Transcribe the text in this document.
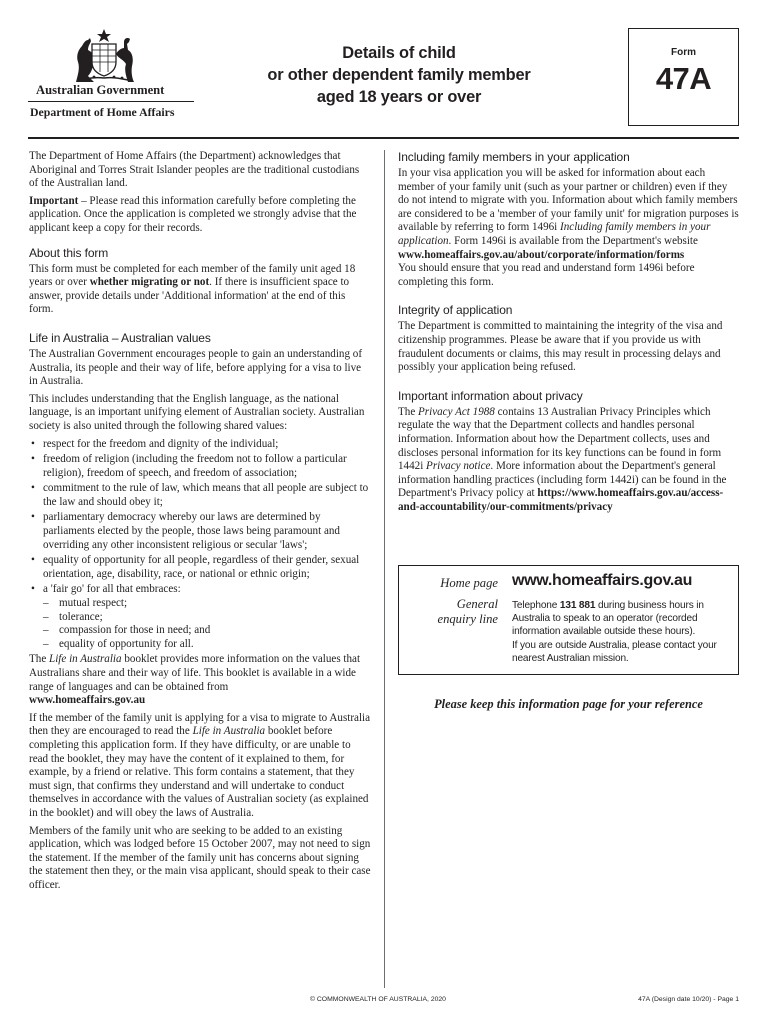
Australian Government
Department of Home Affairs
Details of child
or other dependent family member
aged 18 years or over
Form
47A

The Department of Home Affairs (the Department) acknowledges that Aboriginal and Torres Strait Islander peoples are the traditional custodians of the Australian land.

Important – Please read this information carefully before completing the application. Once the application is completed we strongly advise that the applicant keep a copy for their records.

About this form

This form must be completed for each member of the family unit aged 18 years or over whether migrating or not. If there is insufficient space to answer, provide details under 'Additional information' at the end of this form.

Life in Australia – Australian values

The Australian Government encourages people to gain an understanding of Australia, its people and their way of life, before applying for a visa to live in Australia.

This includes understanding that the English language, as the national language, is an important unifying element of Australian society. Australian society is also united through the following shared values:

• respect for the freedom and dignity of the individual;
• freedom of religion (including the freedom not to follow a particular religion), freedom of speech, and freedom of association;
• commitment to the rule of law, which means that all people are subject to the law and should obey it;
• parliamentary democracy whereby our laws are determined by parliaments elected by the people, those laws being paramount and overriding any other inconsistent religious or secular 'laws';
• equality of opportunity for all people, regardless of their gender, sexual orientation, age, disability, race, or national or ethnic origin;
• a 'fair go' for all that embraces:
– mutual respect;
– tolerance;
– compassion for those in need; and
– equality of opportunity for all.

The Life in Australia booklet provides more information on the values that Australians share and their way of life. This booklet is available in a wide range of languages and can be obtained from
www.homeaffairs.gov.au

If the member of the family unit is applying for a visa to migrate to Australia then they are encouraged to read the Life in Australia booklet before completing this application form. If they have difficulty, or are unable to read the booklet, they may have the content of it explained to them, for example, by a friend or relative. This form contains a statement, that they must sign, that confirms they understand and will undertake to conduct themselves in accordance with the values of Australian society (as explained in the booklet) and will obey the laws of Australia.

Members of the family unit who are seeking to be added to an existing application, which was lodged before 15 October 2007, may not need to sign the statement. If the member of the family unit has concerns about signing the statement then they, or the main visa applicant, should speak to their case officer.

Including family members in your application

In your visa application you will be asked for information about each member of your family unit (such as your partner or children) even if they do not intend to migrate with you. Information about which family members are considered to be a 'member of your family unit' for migration purposes is available by referring to form 1496i Including family members in your application. Form 1496i is available from the Department's website
www.homeaffairs.gov.au/about/corporate/information/forms
You should ensure that you read and understand form 1496i before completing this form.

Integrity of application

The Department is committed to maintaining the integrity of the visa and citizenship programmes. Please be aware that if you provide us with fraudulent documents or claims, this may result in processing delays and possibly your application being refused.

Important information about privacy

The Privacy Act 1988 contains 13 Australian Privacy Principles which regulate the way that the Department collects and handles personal information. Information about how the Department collects, uses and discloses personal information for its key functions can be found in form 1442i Privacy notice. More information about the Department's general information handling practices (including form 1442i) can be found in the Department's Privacy policy at https://www.homeaffairs.gov.au/access-and-accountability/our-commitments/privacy

Home page www.homeaffairs.gov.au
General
enquiry line

Telephone 131 881 during business hours in Australia to speak to an operator (recorded information available outside these hours).

If you are outside Australia, please contact your nearest Australian mission.

Please keep this information page for your reference
© COMMONWEALTH OF AUSTRALIA, 2020	47A (Design date 10/20) - Page 1
